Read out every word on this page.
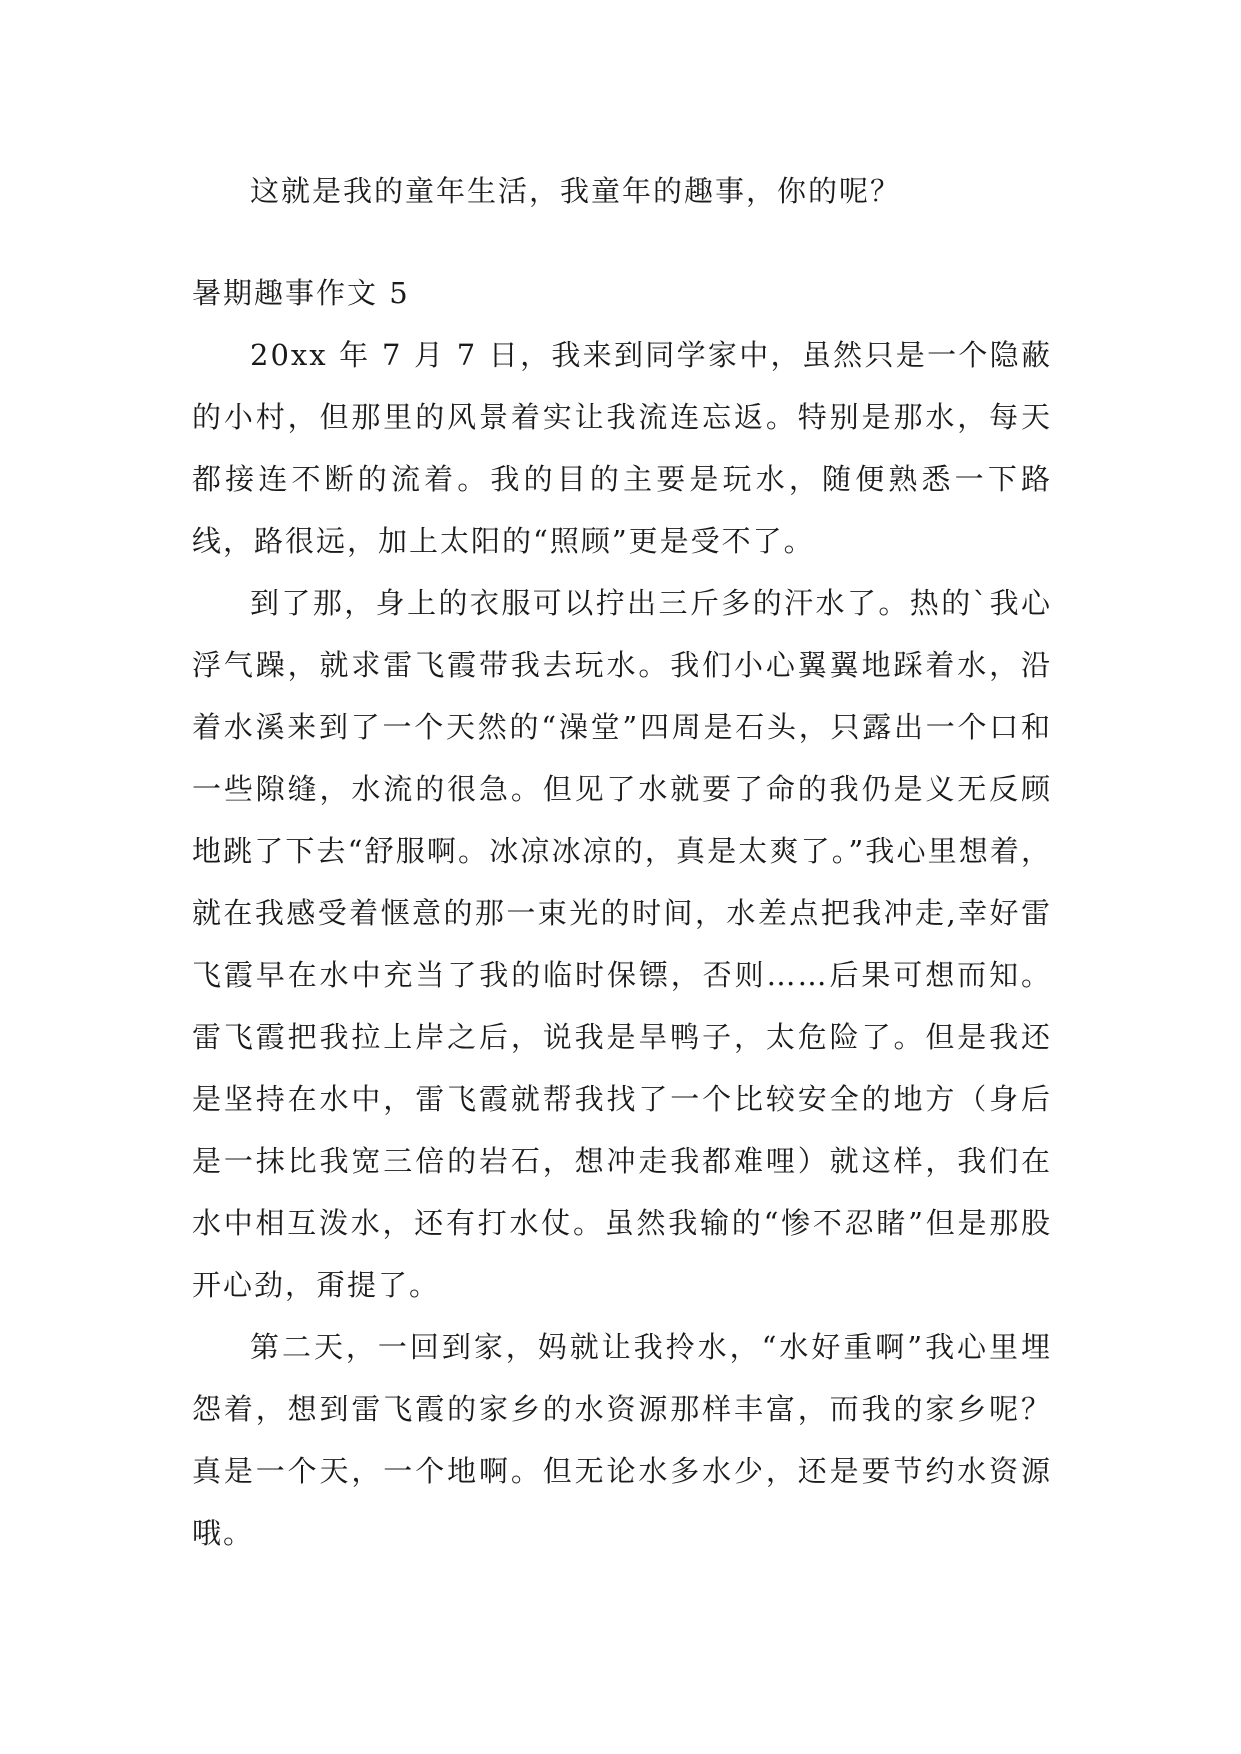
这就是我的童年生活，我童年的趣事，你的呢？

暑期趣事作文 5

20xx 年 7 月 7 日，我来到同学家中，虽然只是一个隐蔽的小村，但那里的风景着实让我流连忘返。特别是那水，每天都接连不断的流着。我的目的主要是玩水，随便熟悉一下路线，路很远，加上太阳的“照顾”更是受不了。

到了那，身上的衣服可以拧出三斤多的汗水了。热的`我心浮气躁，就求雷飞霞带我去玩水。我们小心翼翼地踩着水，沿着水溪来到了一个天然的“澡堂”四周是石头，只露出一个口和一些隙缝，水流的很急。但见了水就要了命的我仍是义无反顾地跳了下去“舒服啊。冰凉冰凉的，真是太爽了。”我心里想着，就在我感受着惬意的那一束光的时间，水差点把我冲走,幸好雷飞霞早在水中充当了我的临时保镖，否则……后果可想而知。雷飞霞把我拉上岸之后，说我是旱鸭子，太危险了。但是我还是坚持在水中，雷飞霞就帮我找了一个比较安全的地方（身后是一抹比我宽三倍的岩石，想冲走我都难哩）就这样，我们在水中相互泼水，还有打水仗。虽然我输的“惨不忍睹”但是那股开心劲，甭提了。

第二天，一回到家，妈就让我拎水，“水好重啊”我心里埋怨着，想到雷飞霞的家乡的水资源那样丰富，而我的家乡呢？真是一个天，一个地啊。但无论水多水少，还是要节约水资源哦。
